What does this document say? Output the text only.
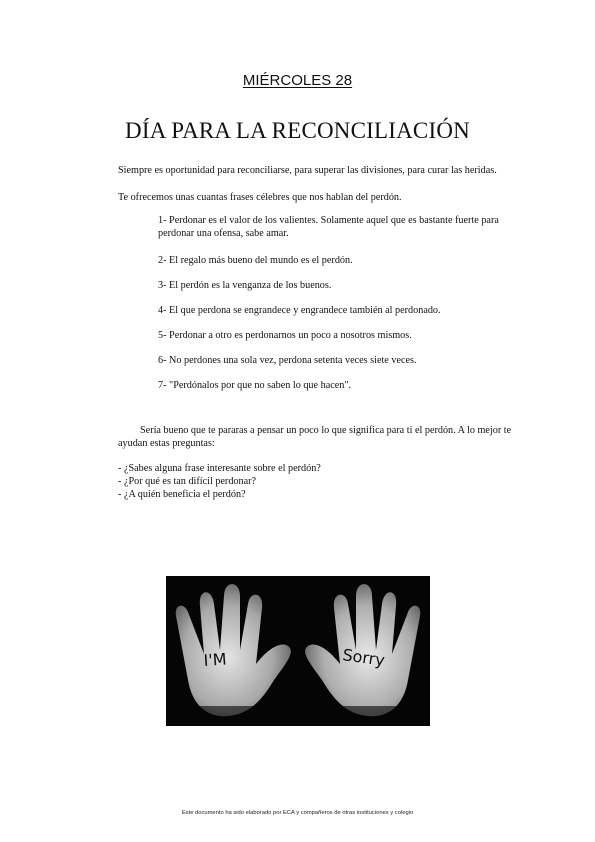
MIÉRCOLES 28
DÍA PARA LA RECONCILIACIÓN
Siempre es oportunidad para reconciliarse, para superar las divisiones, para curar las heridas.
Te ofrecemos unas cuantas frases célebres que nos hablan del perdón.
1- Perdonar es el valor de los valientes. Solamente aquel que es bastante fuerte para perdonar una ofensa, sabe amar.
2- El regalo más bueno del mundo es el perdón.
3- El perdón es la venganza de los buenos.
4- El que perdona se engrandece y engrandece también al perdonado.
5- Perdonar a otro es perdonarnos un poco a nosotros mismos.
6- No perdones una sola vez, perdona setenta veces siete veces.
7- "Perdónalos por que no saben lo que hacen".
Sería bueno que te pararas a pensar un poco lo que significa para ti el perdón. A lo mejor te
ayudan estas preguntas:
- ¿Sabes alguna frase interesante sobre el perdón?
- ¿Por qué es tan difícil perdonar?
- ¿A quién beneficia el perdón?
I'M	Sorry
Este documento ha sido elaborado por ECA y compañeros de otras instituciones y colegio
